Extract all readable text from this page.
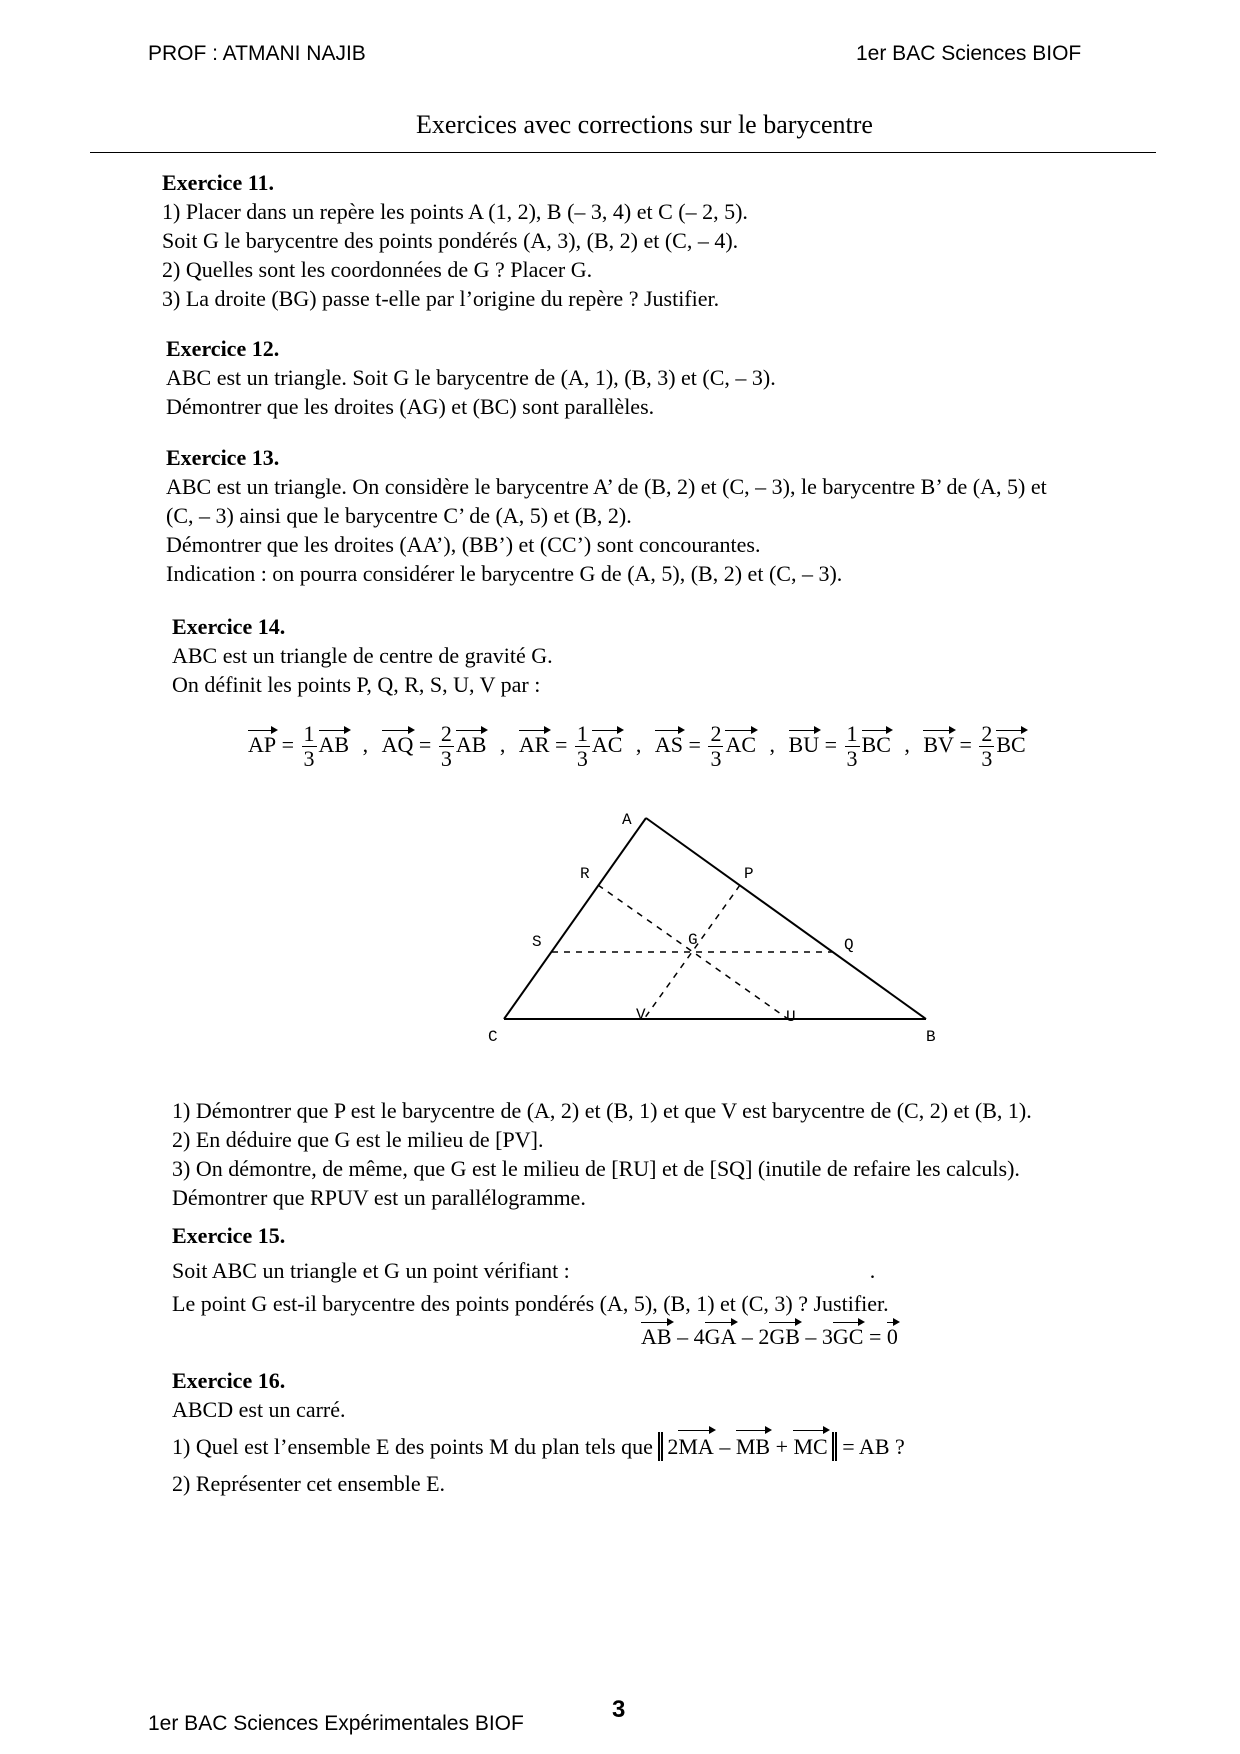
PROF : ATMANI NAJIB	1er BAC Sciences BIOF
Exercices avec corrections sur le barycentre
Exercice 11.

1) Placer dans un repère les points A (1, 2), B (– 3, 4) et C (– 2, 5).

Soit G le barycentre des points pondérés (A, 3), (B, 2) et (C, – 4).

2) Quelles sont les coordonnées de G ? Placer G.

3) La droite (BG) passe t-elle par l’origine du repère ? Justifier.

Exercice 12.

ABC est un triangle. Soit G le barycentre de (A, 1), (B, 3) et (C, – 3).

Démontrer que les droites (AG) et (BC) sont parallèles.

Exercice 13.

ABC est un triangle. On considère le barycentre A’ de (B, 2) et (C, – 3), le barycentre B’ de (A, 5) et

(C, – 3) ainsi que le barycentre C’ de (A, 5) et (B, 2).

Démontrer que les droites (AA’), (BB’) et (CC’) sont concourantes.

Indication : on pourra considérer le barycentre G de (A, 5), (B, 2) et (C, – 3).

Exercice 14.

ABC est un triangle de centre de gravité G.

On définit les points P, Q, R, S, U, V par :

AP = $\frac{1}{3}$ AB , AQ = $\frac{2}{3}$ AB , AR = $\frac{1}{3}$ AC , AS = $\frac{2}{3}$ AC , BU = $\frac{1}{3}$ BC , BV = $\frac{2}{3}$ BC
A
R	P
S	G	Q
V	U
C	B

1) Démontrer que P est le barycentre de (A, 2) et (B, 1) et que V est barycentre de (C, 2) et (B, 1).

2) En déduire que G est le milieu de [PV].

3) On démontre, de même, que G est le milieu de [RU] et de [SQ] (inutile de refaire les calculs).

Démontrer que RPUV est un parallélogramme.

Exercice 15.

Soit ABC un triangle et G un point vérifiant :	.

Le point G est-il barycentre des points pondérés (A, 5), (B, 1) et (C, 3) ? Justifier.

AB – 4GA – 2GB – 3GC = 0
Exercice 16.

ABCD est un carré.

1) Quel est l’ensemble E des points M du plan tels que 2MA – MB + MC = AB ?

2) Représenter cet ensemble E.

1er BAC Sciences Expérimentales BIOF
3
